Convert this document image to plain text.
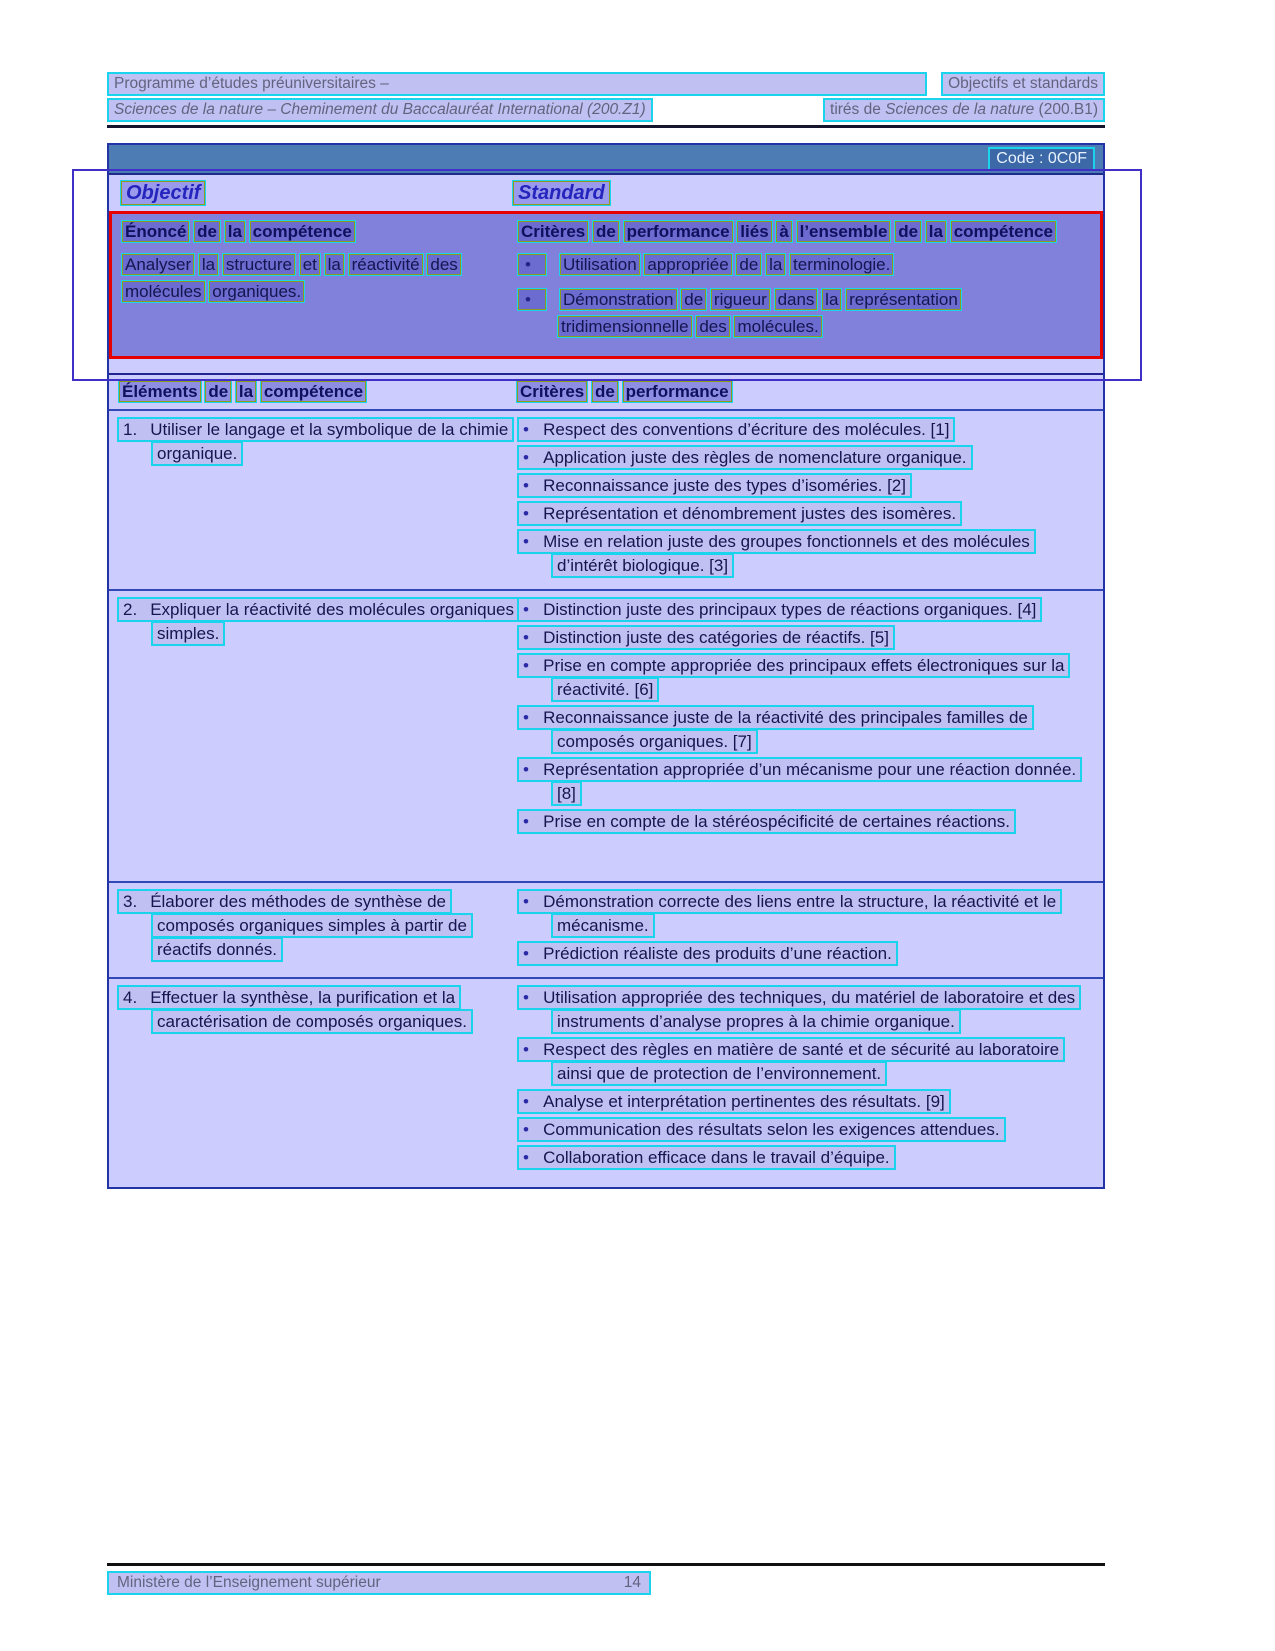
Programme d’études préuniversitaires –	Objectifs et standards
Sciences de la nature – Cheminement du Baccalauréat International (200.Z1)	tirés de Sciences de la nature (200.B1)
Code : 0C0F
Objectif	Standard
Énoncé de la compétence	Critères de performance liés à l’ensemble de la compétence
Analyser la structure et la réactivité des molécules organiques.
• Utilisation appropriée de la terminologie.
• Démonstration de rigueur dans la représentation tridimensionnelle des molécules.
Éléments de la compétence	Critères de performance
1. Utiliser le langage et la symbolique de la chimie organique.
•   Respect des conventions d’écriture des molécules. [1]
•   Application juste des règles de nomenclature organique.
•   Reconnaissance juste des types d’isoméries. [2]
•   Représentation et dénombrement justes des isomères.
•   Mise en relation juste des groupes fonctionnels et des molécules d’intérêt biologique. [3]
2. Expliquer la réactivité des molécules organiques simples.
•   Distinction juste des principaux types de réactions organiques. [4]
•   Distinction juste des catégories de réactifs. [5]
•   Prise en compte appropriée des principaux effets électroniques sur la réactivité. [6]
•   Reconnaissance juste de la réactivité des principales familles de composés organiques. [7]
•   Représentation appropriée d’un mécanisme pour une réaction donnée. [8]
•   Prise en compte de la stéréospécificité de certaines réactions.
3. Élaborer des méthodes de synthèse de composés organiques simples à partir de réactifs donnés.
•   Démonstration correcte des liens entre la structure, la réactivité et le mécanisme.
•   Prédiction réaliste des produits d’une réaction.
4. Effectuer la synthèse, la purification et la caractérisation de composés organiques.
•   Utilisation appropriée des techniques, du matériel de laboratoire et des instruments d’analyse propres à la chimie organique.
•   Respect des règles en matière de santé et de sécurité au laboratoire ainsi que de protection de l’environnement.
•   Analyse et interprétation pertinentes des résultats. [9]
•   Communication des résultats selon les exigences attendues.
•   Collaboration efficace dans le travail d’équipe.
Ministère de l’Enseignement supérieur	14
